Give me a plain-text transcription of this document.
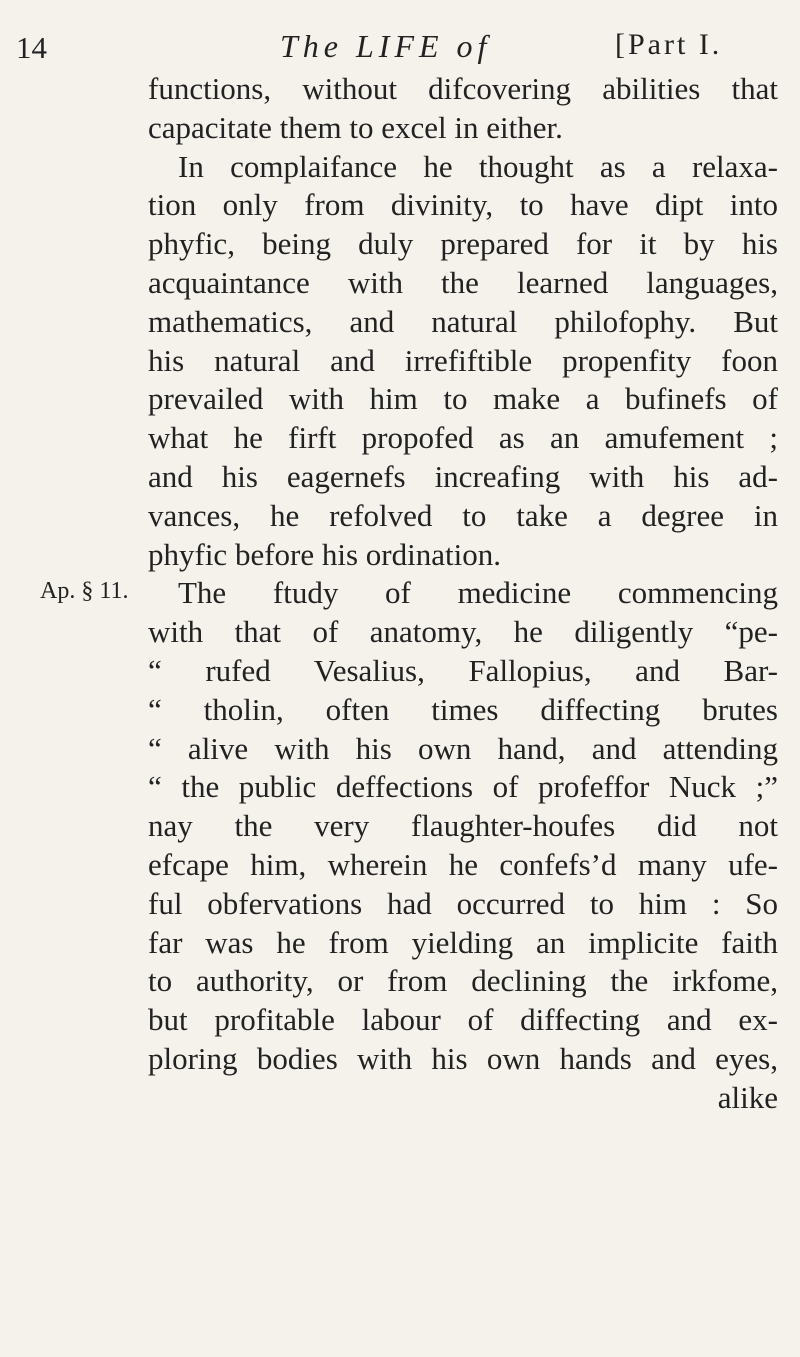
14	The LIFE of	[Part I.
Ap. § 11.
functions, without difcovering abilities that
capacitate them to excel in either.
In complaifance he thought as a relaxa-
tion only from divinity, to have dipt into
phyfic, being duly prepared for it by his
acquaintance with the learned languages,
mathematics, and natural philofophy. But
his natural and irrefiftible propenfity foon
prevailed with him to make a bufinefs of
what he firft propofed as an amufement ;
and his eagernefs increafing with his ad-
vances, he refolved to take a degree in
phyfic before his ordination.
The ftudy of medicine commencing
with that of anatomy, he diligently “pe-
“ rufed Vesalius, Fallopius, and Bar-
“ tholin, often times diffecting brutes
“ alive with his own hand, and attending
“ the public deffections of profeffor Nuck ;”
nay the very flaughter-houfes did not
efcape him, wherein he confefs’d many ufe-
ful obfervations had occurred to him : So
far was he from yielding an implicite faith
to authority, or from declining the irkfome,
but profitable labour of diffecting and ex-
ploring bodies with his own hands and eyes,
alike
